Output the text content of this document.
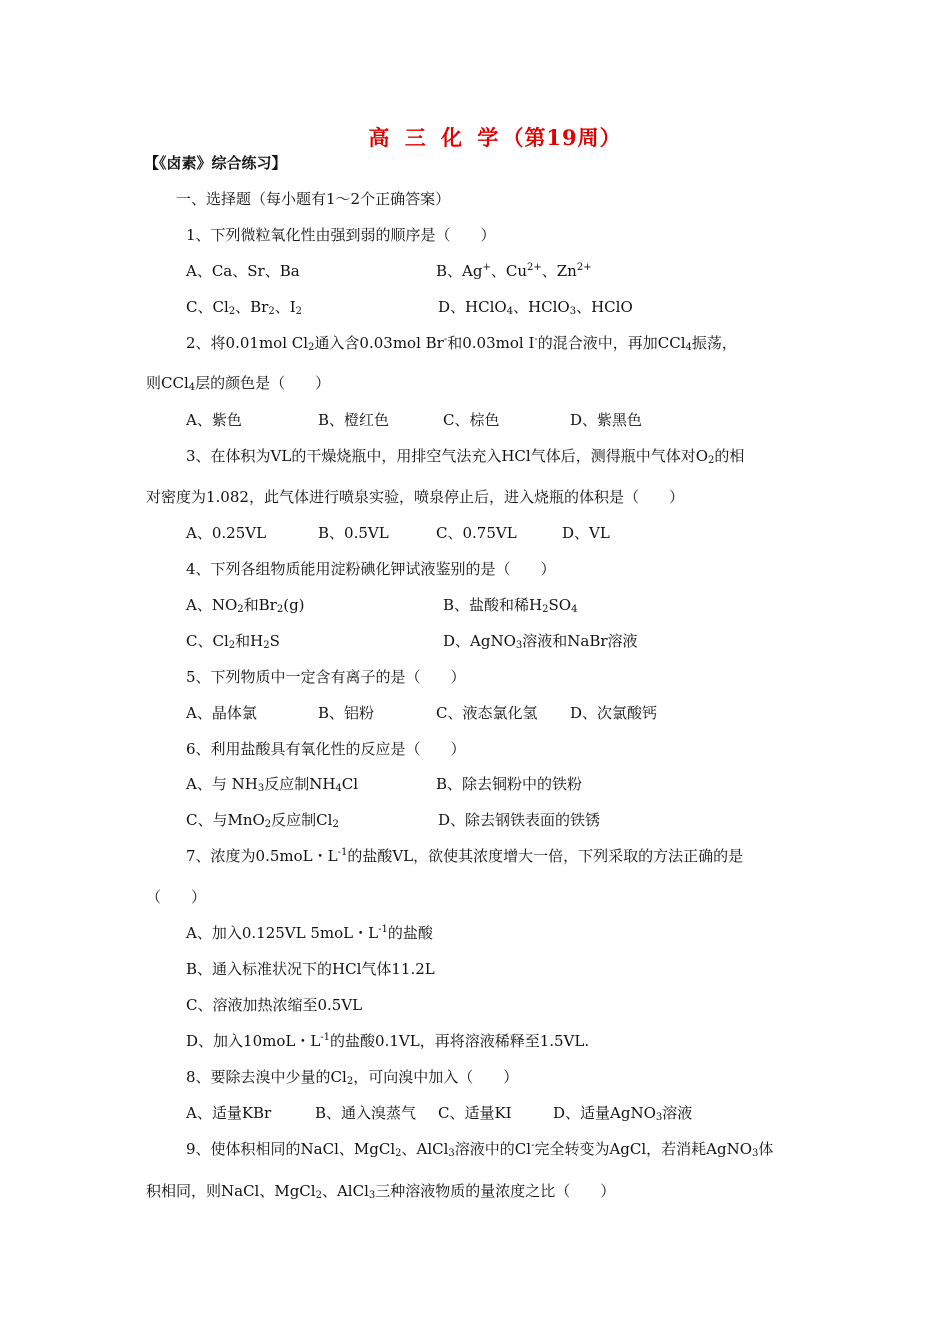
高 三 化 学（第19周）
【《卤素》综合练习】
一、选择题（每小题有1～2个正确答案）
1、下列微粒氧化性由强到弱的顺序是（　　）
A、Ca、Sr、Ba	B、Ag+、$Cu^{2+}$、$Zn^{2+}$
C、$Cl_2$、$Br_2$、$I_2$	D、HClO$_4$、HClO$_3$、HClO
2、将0.01mol $Cl_2$通入含0.03mol Br-和0.03mol I-的混合液中，再加CCl$_4$振荡，
则CCl$_4$层的颜色是（　　）
A、紫色	B、橙红色	C、棕色	D、紫黑色
3、在体积为VL的干燥烧瓶中，用排空气法充入HCl气体后，测得瓶中气体对$O_2$的相
对密度为1.082，此气体进行喷泉实验，喷泉停止后，进入烧瓶的体积是（　　）
A、0.25VL	B、0.5VL	C、0.75VL	D、VL
4、下列各组物质能用淀粉碘化钾试液鉴别的是（　　）
A、$NO_2$和$Br_2(g)$	B、盐酸和稀$H_2SO_4$
C、$Cl_2$和$H_2S$	D、AgNO$_3$溶液和NaBr溶液
5、下列物质中一定含有离子的是（　　）
A、晶体氯	B、铝粉	C、液态氯化氢 D、次氯酸钙
6、利用盐酸具有氧化性的反应是（　　）
A、与 $NH_3$反应制$NH_4Cl$	B、除去铜粉中的铁粉
C、与MnO$_2$反应制$Cl_2$	D、除去钢铁表面的铁锈
7、浓度为0.5moL・$L^{-1}$的盐酸VL，欲使其浓度增大一倍，下列采取的方法正确的是
（　　）
A、加入0.125VL 5moL・$L^{-1}$的盐酸
B、通入标准状况下的HCl气体11.2L
C、溶液加热浓缩至0.5VL
D、加入10moL・$L^{-1}$的盐酸0.1VL，再将溶液稀释至1.5VL.
8、要除去溴中少量的$Cl_2$，可向溴中加入（　　）
A、适量KBr	B、通入溴蒸气 C、适量KI	D、适量AgNO$_3$溶液
9、使体积相同的NaCl、MgCl$_2$、AlCl$_3$溶液中的Cl-完全转变为AgCl，若消耗AgNO$_3$体
积相同，则NaCl、MgCl$_2$、AlCl$_3$三种溶液物质的量浓度之比（　　）
